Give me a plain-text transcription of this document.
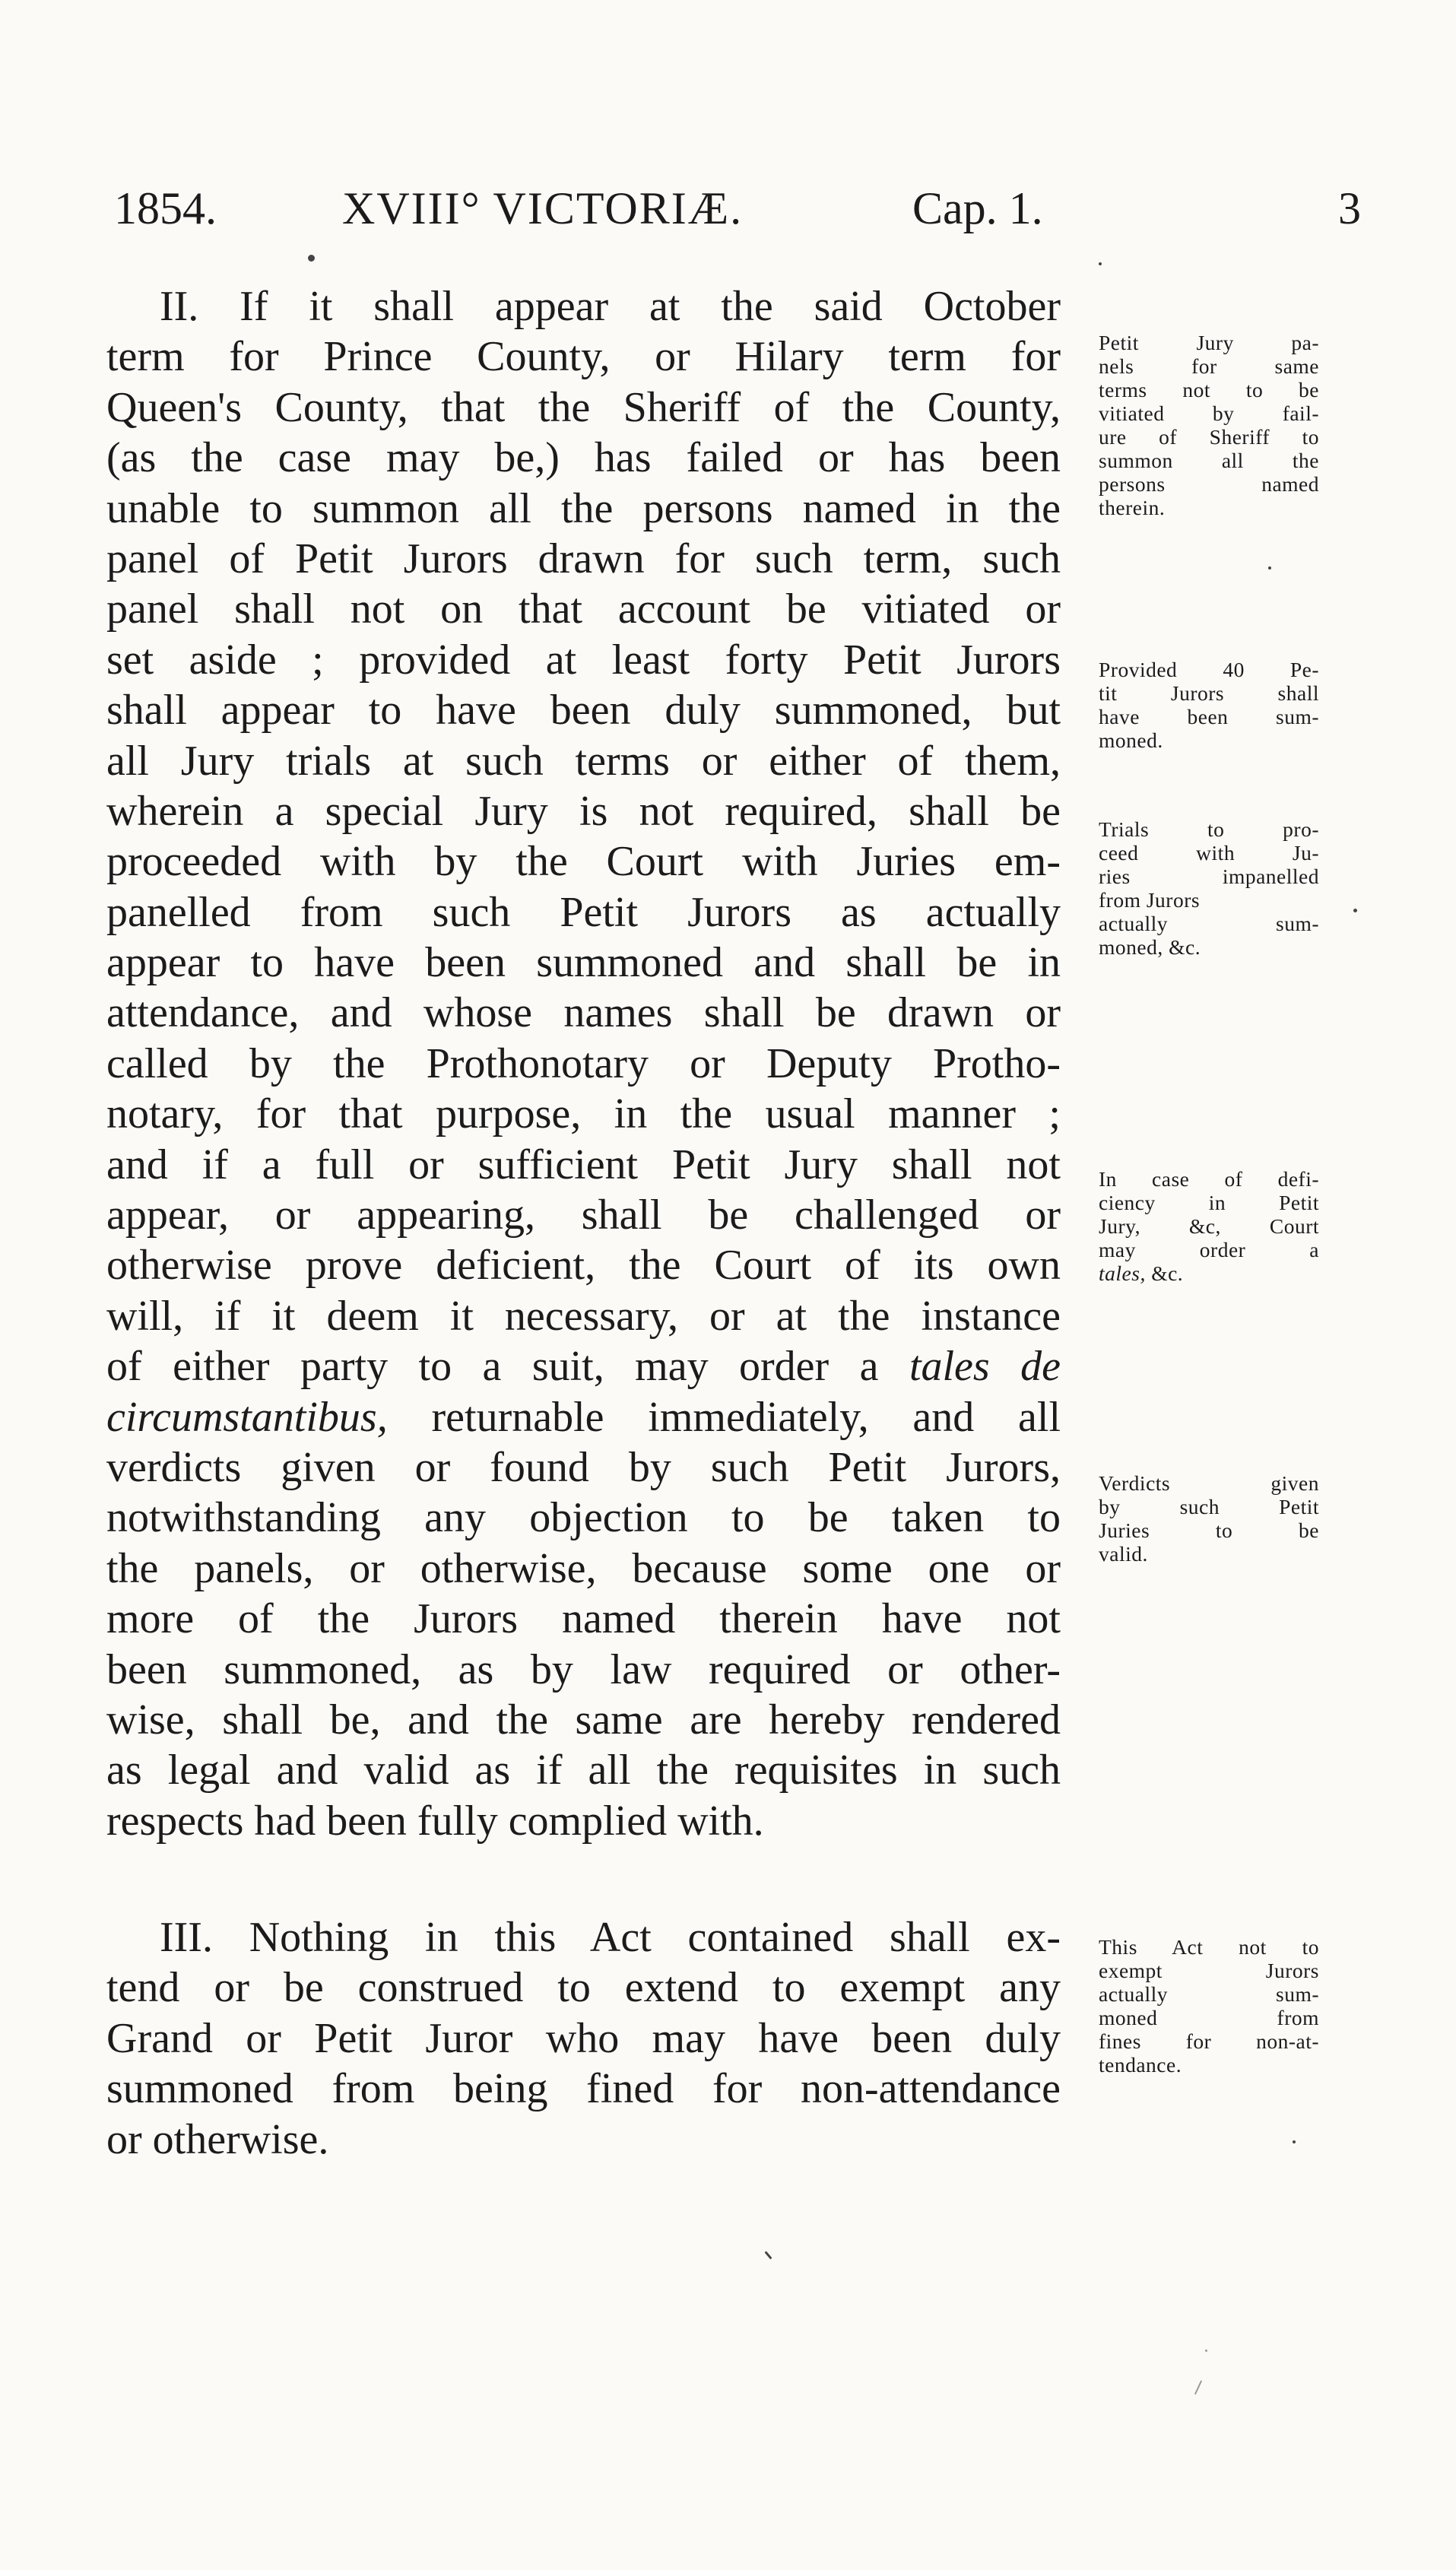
1854.	XVIII° VICTORIÆ.	Cap. 1.	3
II. If it shall appear at the said October
term for Prince County, or Hilary term for
Queen's County, that the Sheriff of the County,
(as the case may be,) has failed or has been
unable to summon all the persons named in the
panel of Petit Jurors drawn for such term, such
panel shall not on that account be vitiated or
set aside ; provided at least forty Petit Jurors
shall appear to have been duly summoned, but
all Jury trials at such terms or either of them,
wherein a special Jury is not required, shall be
proceeded with by the Court with Juries em-
panelled from such Petit Jurors as actually
appear to have been summoned and shall be in
attendance, and whose names shall be drawn or
called by the Prothonotary or Deputy Protho-
notary, for that purpose, in the usual manner ;
and if a full or sufficient Petit Jury shall not
appear, or appearing, shall be challenged or
otherwise prove deficient, the Court of its own
will, if it deem it necessary, or at the instance
of either party to a suit, may order a tales de
circumstantibus, returnable immediately, and all
verdicts given or found by such Petit Jurors,
notwithstanding any objection to be taken to
the panels, or otherwise, because some one or
more of the Jurors named therein have not
been summoned, as by law required or other-
wise, shall be, and the same are hereby rendered
as legal and valid as if all the requisites in such
respects had been fully complied with.
III. Nothing in this Act contained shall ex-
tend or be construed to extend to exempt any
Grand or Petit Juror who may have been duly
summoned from being fined for non-attendance
or otherwise.
Petit Jury pa-
nels for same
terms not to be
vitiated by fail-
ure of Sheriff to
summon all the
persons named
therein.
Provided 40 Pe-
tit Jurors shall
have been sum-
moned.
Trials to pro-
ceed with Ju-
ries impanelled
from Jurors
actually sum-
moned, &c.
In case of defi-
ciency in Petit
Jury, &c, Court
may order a
tales, &c.
Verdicts given
by such Petit
Juries to be
valid.
This Act not to
exempt Jurors
actually sum-
moned from
fines for non-at-
tendance.
